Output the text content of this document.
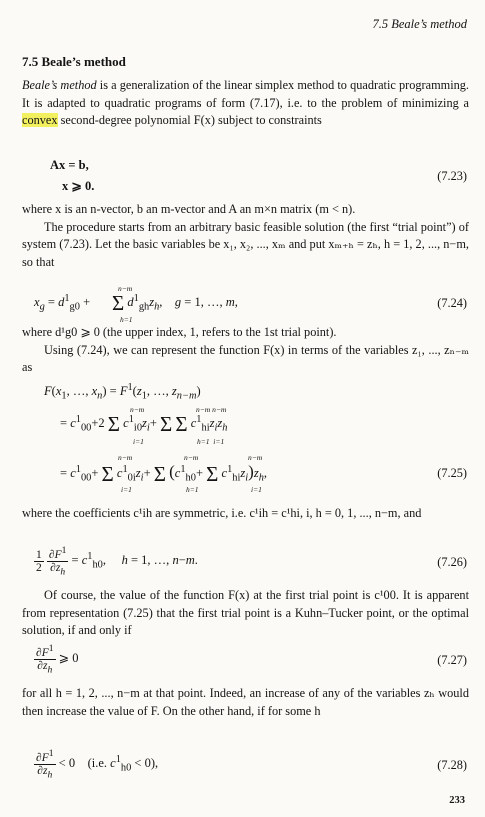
7.5 Beale’s method
7.5 Beale’s method

Beale’s method is a generalization of the linear simplex method to quadratic programming. It is adapted to quadratic programs of form (7.17), i.e. to the problem of minimizing a convex second-degree polynomial F(x) subject to constraints

Ax = b,
x ⩾ 0.
(7.23)

where x is an n-vector, b an m-vector and A an m×n matrix (m < n).

The procedure starts from an arbitrary basic feasible solution (the first “trial point”) of system (7.23). Let the basic variables be x₁, x₂, ..., xₘ and put xₘ₊ₕ = zₕ, h = 1, 2, ..., n−m, so that

n−m
$x_g = d^1_{g0} + \Sigma$ $d^1_{gh}z_h$,    g = 1, …, m,
h=1
(7.24)

where d¹g0 ⩾ 0 (the upper index, 1, refers to the 1st trial point).

Using (7.24), we can represent the function F(x) in terms of the variables z₁, ..., zₙ₋ₘ as

$F(x_1$, …, $x_n) = F^1(z_1$, …, $z_{n-m}$)
n−m	n−m n−m
= $c^1_{00}+2$ Σ $c^1_{i0}z_i+ \Sigma$ Σ $c^1_{hi}z_iz_h$
i=1	h=1  i=1
n−m	n−m	n−m
= $c^1_{00}+ \Sigma$ $c^1_{0i}z_i+ \Sigma$ ($c^1_{h0}+ \Sigma$ $c^1_{hi}z_i)z_h$,
i=1	h=1	i=1
(7.25)

where the coefficients c¹ih are symmetric, i.e. c¹ih = c¹hi, i, h = 0, 1, ..., n−m, and

$\frac{1}{2}$
$\frac{\partial F^1}{\partial z_h} = c^1_{h0}$,     h = 1, …, n−m.	(7.26)

Of course, the value of the function F(x) at the first trial point is c¹00. It is apparent from representation (7.25) that the first trial point is a Kuhn–Tucker point, or the optimal solution, if and only if

$\frac{\partial F^1}{\partial z_h}$ ⩾ 0	(7.27)

for all h = 1, 2, ..., n−m at that point. Indeed, an increase of any of the variables zₕ would then increase the value of F. On the other hand, if for some h

$\frac{\partial F^1}{\partial z_h} < 0$    (i.e. $c^1_{h0} < 0$),	(7.28)
233
